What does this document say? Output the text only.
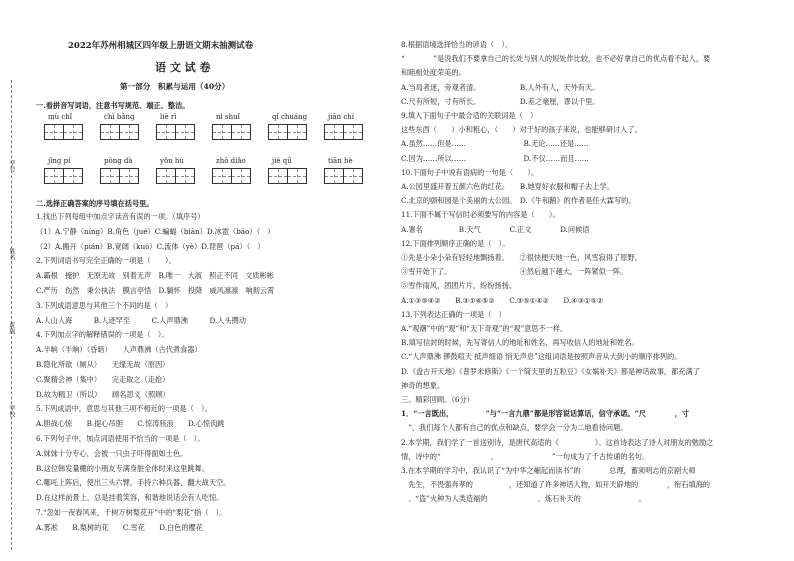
学号
姓名
班级
学校
2022年苏州相城区四年级上册语文期末抽测试卷
语 文 试 卷
第一部分　积累与运用（40分）
一.看拼音写词语，注意书写规范、端正、整洁。
mù chǐ	chì bǎng	liè rì	nì shuǐ	qǐ chuáng	jiān chí
jīng pí	pǒng dà	yǒn hù	zhǒ diǎo	jié qū	tiān hè
二.选择正确答案的序号填在括号里。
1.找出下列每组中加点字读音有误的一项。（填序号）
（1）A.宁静（níng）B.角色（jué）C.蝙蝠（biān）D.冰雹（báo）（　）
（2）A.搬开（pián）B.宽阔（kuò）C.流体（yè）D.琵琶（pá）（　）
2.下列词语书写完全正确的一项是（　　）。
A.霸根　掩护　无原无故　别着无声　B.唯一　大淑　照正不同　文质彬彬
C.严历　伤然　秉公执法　膜言亭悟　D.躺怀　投降　威风凛凛　响彻云霄
3.下列成语意思与其他三个不同的是（　）
A.人山人海　　　B.人迹罕至　　　C.人声鼎沸　　　D.人头攒动
4.下列加点字的解释错误的一项是（　）。
A.半晌（半晌）（昏暗）　　人声鼎沸（古代煮食器）
B.隐化所欲（厕从）　　无缘无故（原因）
C.聚精会神（集中）　　完走取之（走抢）
D.故为精卫（所以）　　顾名思义（照顾）
5.下列成语中，意思与其他三项不相近的一项是（　）。
A.胆战心惊　　B.提心吊胆　　C.惊涛骇浪　　D.心惊肉跳
6.下列句子中，加点词语使用不恰当的一项是（　）。
A.妹妹十分专心，会被一只虫子吓得面如土色。
B.这位韩发量棚的小朋友专满身脏全体时来这里跳舞。
C.哪吒上阵后，使出三头六臂，手持六种兵器，翻大战天空。
D.在这样前景上，总是挂着笑容，和谐地说话会有人吃惊。
7.“忽如一夜春风来，千树万树梨花开”中的“梨花”指（　）。
A.雾凇　　B.梨树的花　　C.雪花　　D.白色的樱花
8.根据语境选择恰当的谚语（　）。
“　　　　”是说我们不要拿自己的长处与别人的短处作比较，也不必好拿自己的优点看不起人，要
和睦相处度荣美的。
A.当局者迷，旁观者清。　　　　　　B.人外有人，天外有天。
C.尺有所短，寸有所长。　　　　　　D.差之毫厘，谬以千里。
9.填入下面句子中最合适的关联词是（　）
这些东西（　　）小和粗心，（　　）对于好的孩子来说，也能够研讨入了。
A.虽然……但是……　　　　　　　　B.无论……还是……
C.因为……所以……　　　　　　　　D.不仅……而且……
10.下面句子中说有语病的一句是（　　）。
A.公园里盛开着五颜六色的红花。　　B.她穿好衣服和帽子去上学。
C.北京的颐和园是个美丽的大公园。　D.《牛和鹅》的作者是任大霖写的。
11.下面不属于写信时必须要写的内容是（　　）。
A.署名　　　　　B.天气　　　　C.正文　　　　D.问候语
12.下面排列顺序正确的是（　）。
①先是小朵小朵有轻轻地飘扬着。　　②很快便天地一色，风雪寂得了原野。
③雪开始下了。　　　　　　　　　　④然后越下越大，一阵紧似一阵。
⑤雪作雨风，团团片片，纷纷扬扬。
A.①③⑤④②　　B.③①④⑤②　　C.③⑤①④②　　D.④③①⑤②
13.下列表达正确的一项是（　）
A.“观潮”中的“观”和“天下奇观”的“观”意思不一样。
B.填写信封的时候，先写寄信人的地址和姓名，再写收信人的地址和姓名。
C.“人声鼎沸 锣鼓喧天 抵声细语 悄无声息”这组词语是按照声音从大到小的顺序排列的。
D.《盘古开天地》《普罗米修斯》《一个简天里的五粒豆》《女娲补天》都是神话故事，都充满了
神奇的想象。
三、精彩回顾。（6分）
1．“一言既出，　　　　　”与“一言九鼎”都是形容说话算话，信守承诺。“尺　　　　，寸　　　　
　”，我们每个人都有自己的优点和缺点，要学会一分为二地看待问题。
2.本学期，我们学了一首送别诗，是唐代高适的《　　　　　》。这首诗表达了诗人对朋友的勉励之
情，诗中的“　　　　　　　，　　　　　　　　”一句成为了千古传诵的名句。
3.在本学期的学习中，我认识了“为中华之崛起而读书”的　　　　总理，蓄须明志的京剧大师　　　
　先生，不畏强奔孝的　　　　　，还知道了许多神话人物，如开天辟地的　　　　，衔石填海的　　　
　、“盗”火种为人类造福的　　　　　　　、炼石补天的　　　　　　　　。
